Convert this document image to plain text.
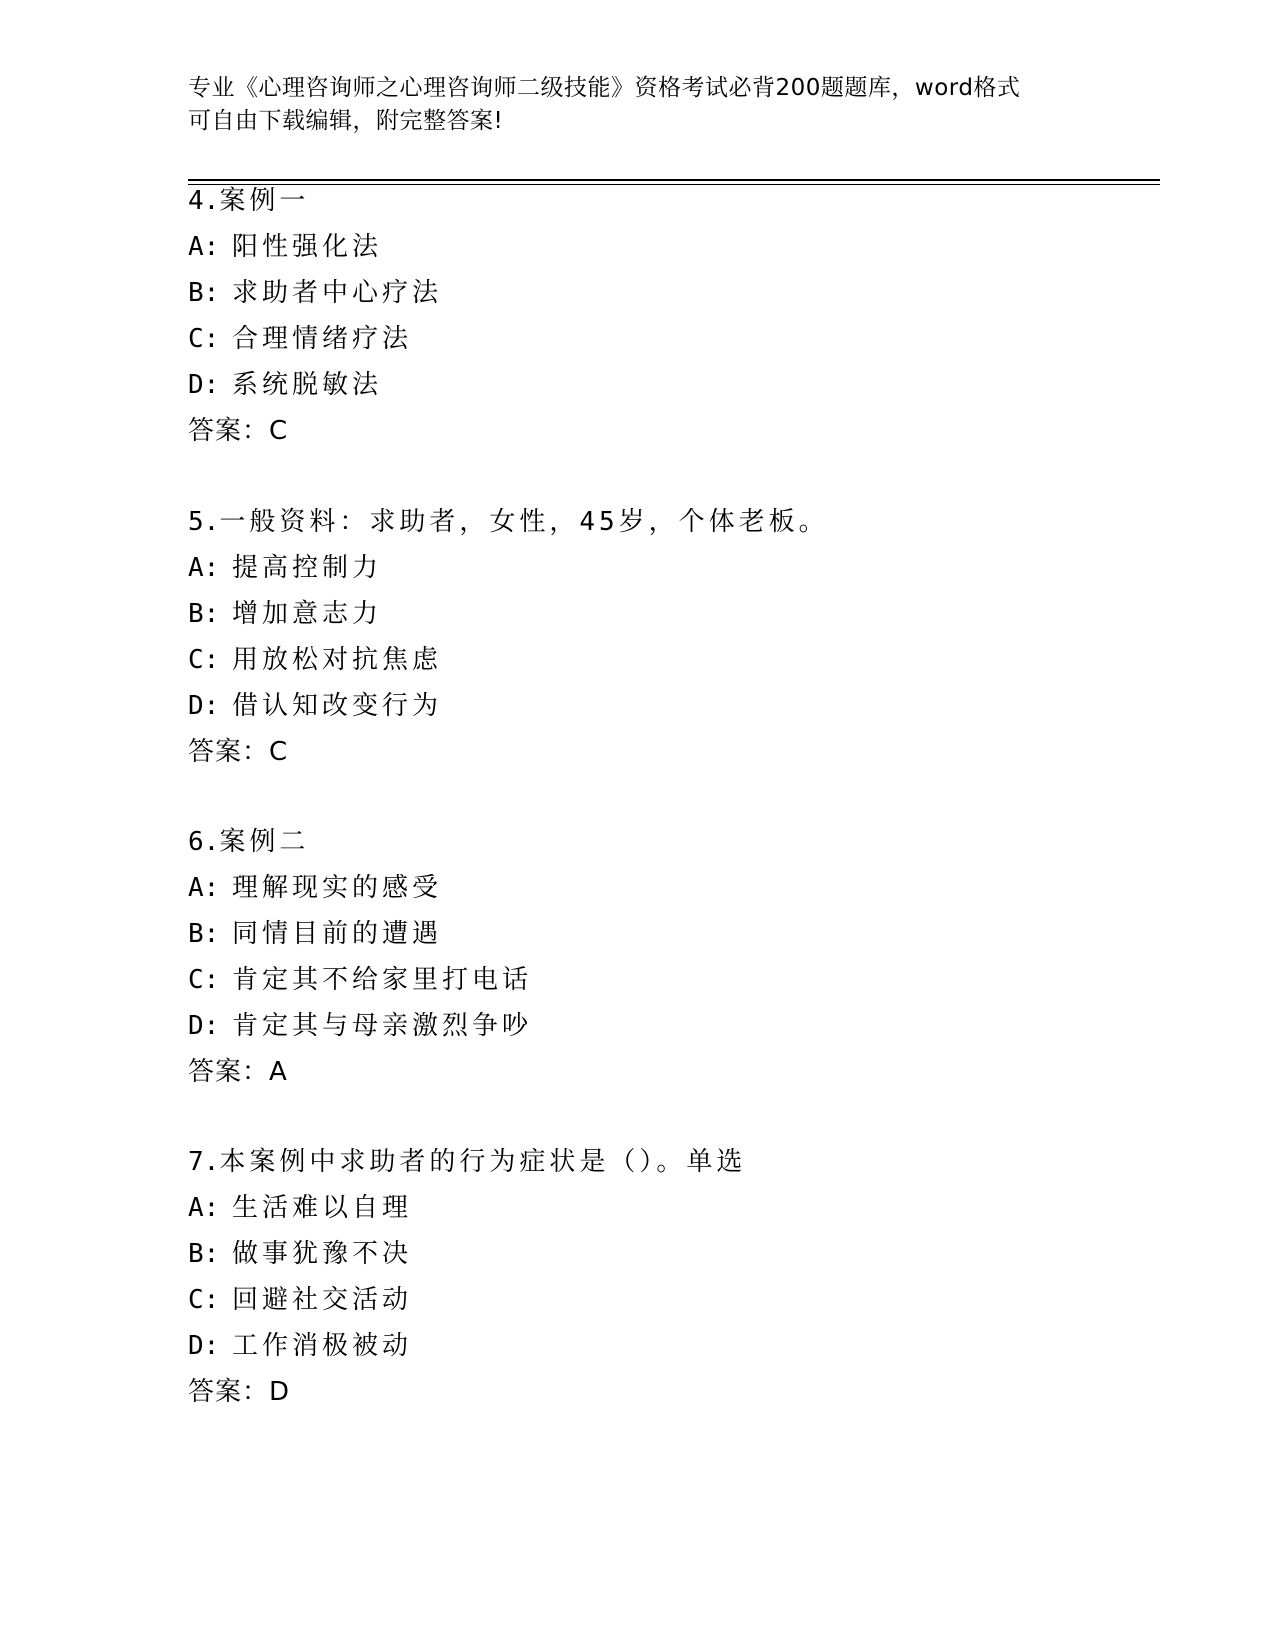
专业《心理咨询师之心理咨询师二级技能》资格考试必背200题题库，word格式
可自由下载编辑，附完整答案!
4.案例一
A: 阳性强化法
B: 求助者中心疗法
C: 合理情绪疗法
D: 系统脱敏法
答案：C
5.一般资料：求助者，女性，45岁，个体老板。
A: 提高控制力
B: 增加意志力
C: 用放松对抗焦虑
D: 借认知改变行为
答案：C
6.案例二
A: 理解现实的感受
B: 同情目前的遭遇
C: 肯定其不给家里打电话
D: 肯定其与母亲激烈争吵
答案：A
7.本案例中求助者的行为症状是（）。单选
A: 生活难以自理
B: 做事犹豫不决
C: 回避社交活动
D: 工作消极被动
答案：D
